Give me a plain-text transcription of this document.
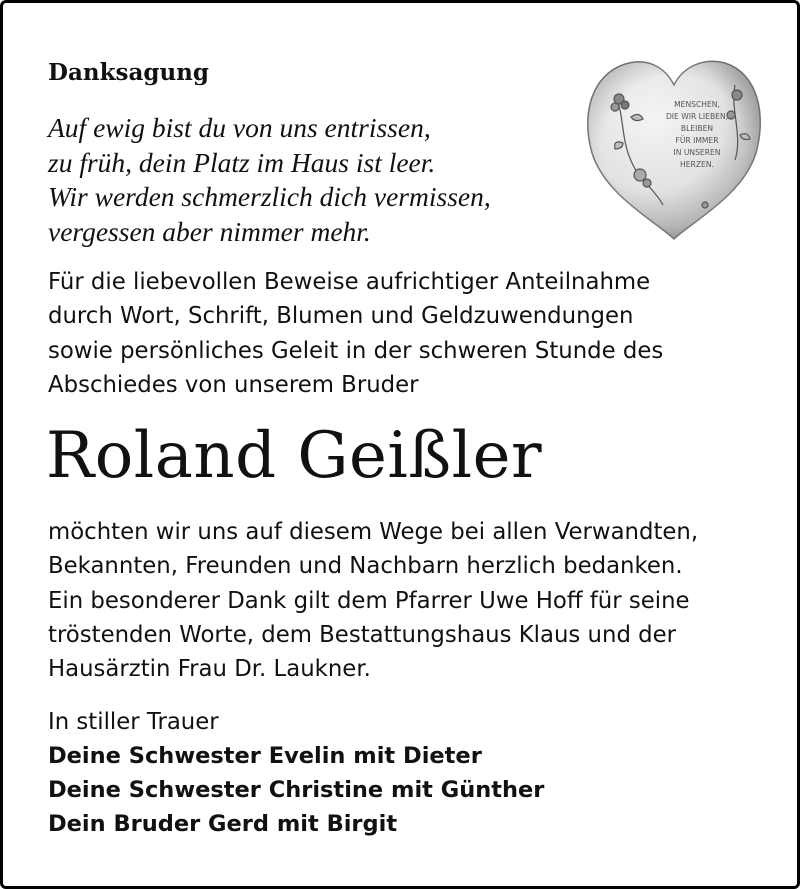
Danksagung
Auf ewig bist du von uns entrissen,
zu früh, dein Platz im Haus ist leer.
Wir werden schmerzlich dich vermissen,
vergessen aber nimmer mehr.
MENSCHEN,
DIE WIR LIEBEN,
BLEIBEN
FÜR IMMER
IN UNSEREN
HERZEN.
Für die liebevollen Beweise aufrichtiger Anteilnahme
durch Wort, Schrift, Blumen und Geldzuwendungen
sowie persönliches Geleit in der schweren Stunde des
Abschiedes von unserem Bruder
Roland Geißler
möchten wir uns auf diesem Wege bei allen Verwandten,
Bekannten, Freunden und Nachbarn herzlich bedanken.
Ein besonderer Dank gilt dem Pfarrer Uwe Hoff für seine
tröstenden Worte, dem Bestattungshaus Klaus und der
Hausärztin Frau Dr. Laukner.
In stiller Trauer
Deine Schwester Evelin mit Dieter
Deine Schwester Christine mit Günther
Dein Bruder Gerd mit Birgit
